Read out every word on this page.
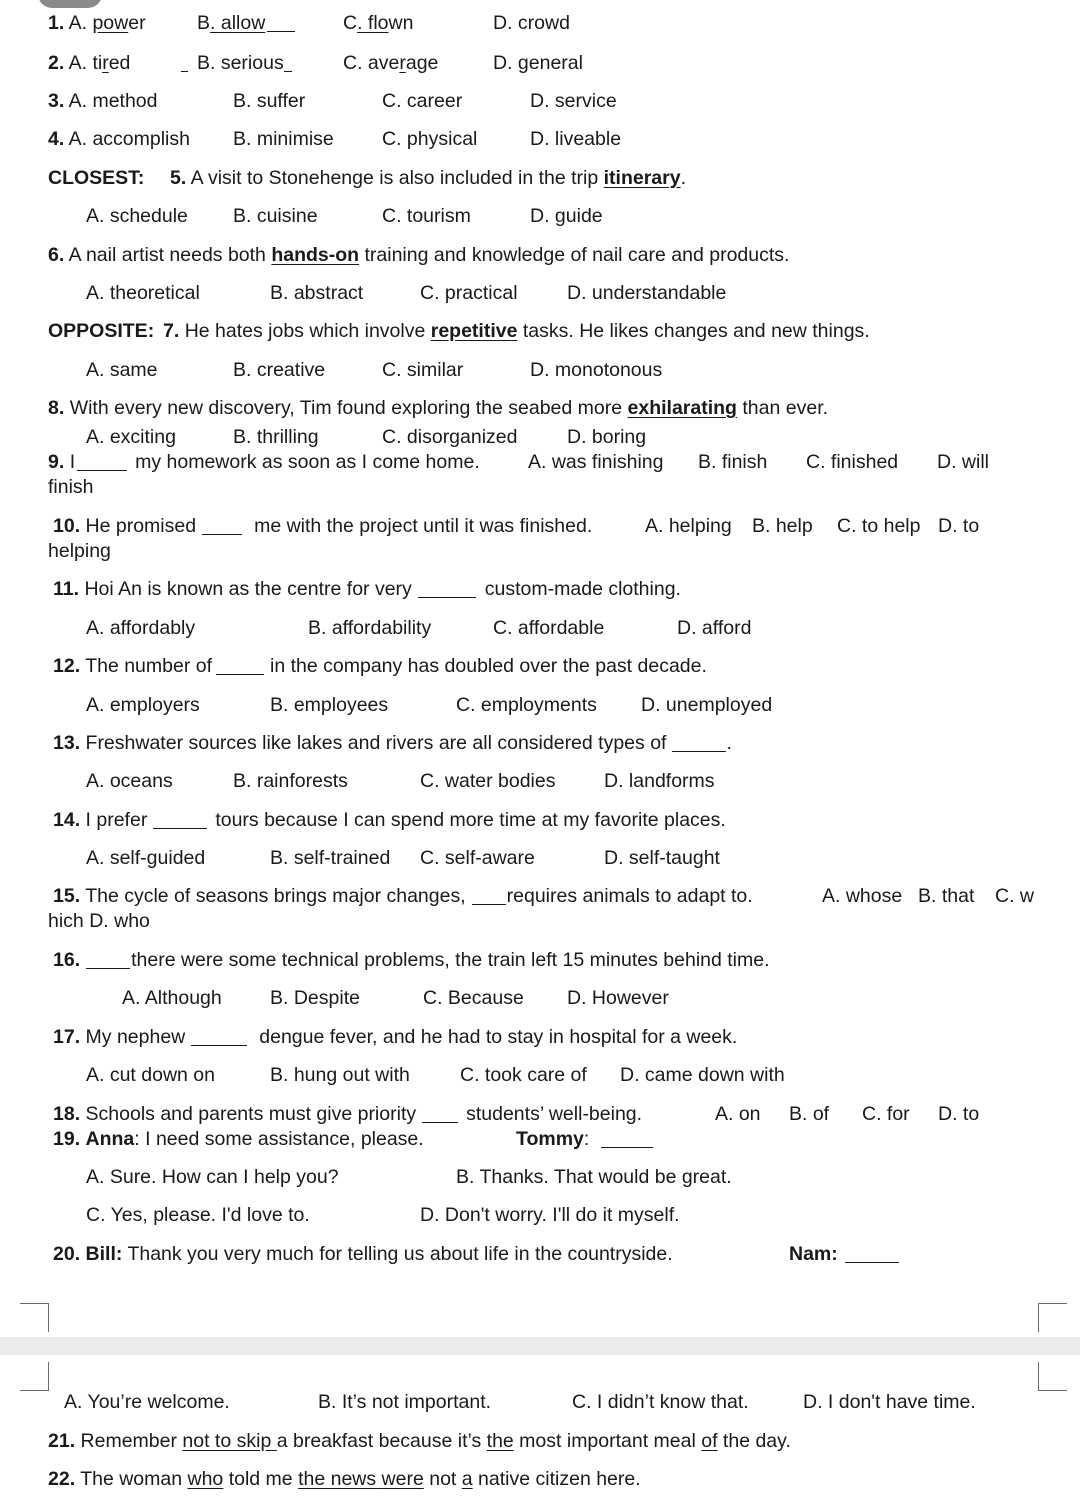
1. A. power	B. allow	C. flown	D. crowd
2. A. tired	B. serious	C. average	D. general
3. A. method	B. suffer	C. career	D. service
4. A. accomplish B. minimise C. physical	D. liveable
CLOSEST: 5. A visit to Stonehenge is also included in the trip itinerary.
A. schedule B. cuisine	C. tourism	D. guide
6. A nail artist needs both hands-on training and knowledge of nail care and products.
A. theoretical	B. abstract	C. practical	D. understandable
OPPOSITE: 7. He hates jobs which involve repetitive tasks. He likes changes and new things.
A. same	B. creative	C. similar	D. monotonous
8. With every new discovery, Tim found exploring the seabed more exhilarating than ever.
A. exciting	B. thrilling	C. disorganized	D. boring
9. I	my homework as soon as I come home. A. was finishing B. finish C. finished D. will
finish
10. He promised	me with the project until it was finished.	A. helping B. help C. to help D. to
helping
11. Hoi An is known as the centre for very	custom-made clothing.
A. affordably	B. affordability	C. affordable	D. afford
12. The number of	in the company has doubled over the past decade.
A. employers	B. employees	C. employments D. unemployed
13. Freshwater sources like lakes and rivers are all considered types of	.
A. oceans	B. rainforests	C. water bodies D. landforms
14. I prefer	tours because I can spend more time at my favorite places.
A. self-guided	B. self-trained C. self-aware	D. self-taught
15. The cycle of seasons brings major changes, requires animals to adapt to.	A. whose B. that C. w
hich D. who
16.	there were some technical problems, the train left 15 minutes behind time.
A. Although B. Despite	C. Because D. However
17. My nephew	dengue fever, and he had to stay in hospital for a week.
A. cut down on	B. hung out with	C. took care of D. came down with
18. Schools and parents must give priority	students’ well-being.	A. on B. of C. for D. to
19. Anna: I need some assistance, please.	Tommy:
A. Sure. How can I help you?	B. Thanks. That would be great.
C. Yes, please. I'd love to.	D. Don't worry. I'll do it myself.
20. Bill: Thank you very much for telling us about life in the countryside.	Nam:
A. You’re welcome.	B. It’s not important.	C. I didn’t know that.	D. I don't have time.
21. Remember not to skip a breakfast because it’s the most important meal of the day.
22. The woman who told me the news were not a native citizen here.
